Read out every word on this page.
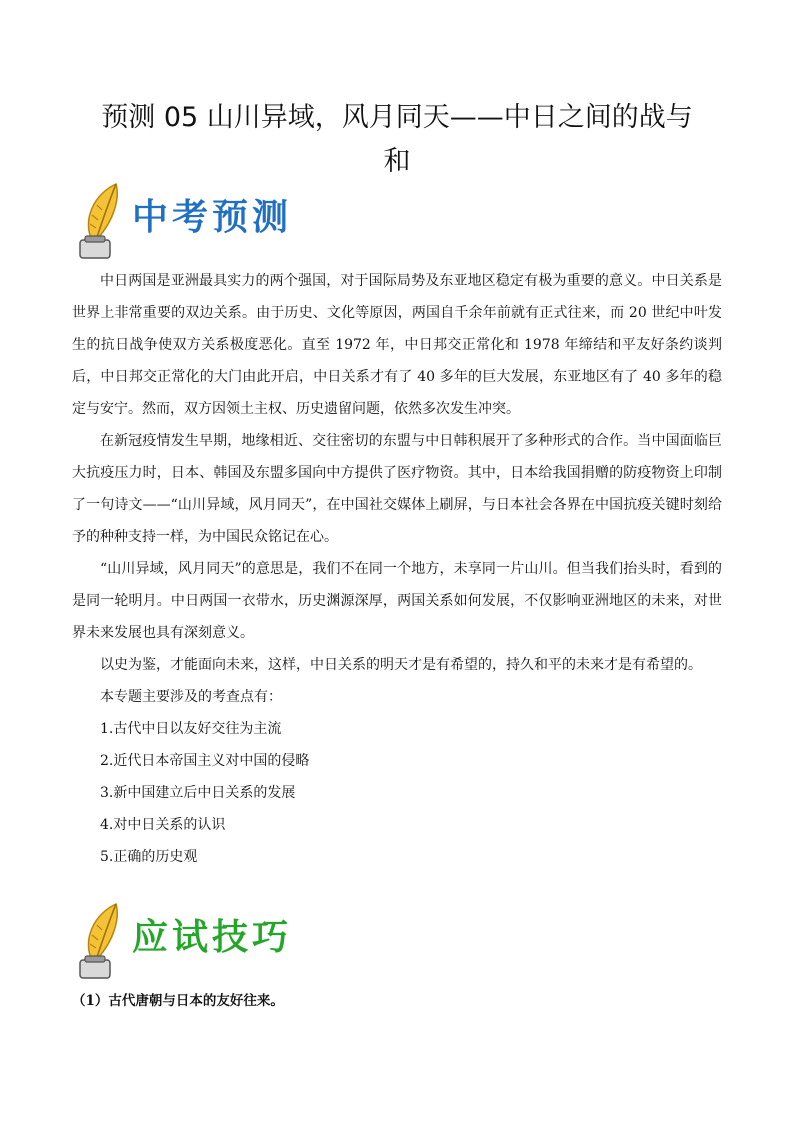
预测 05 山川异域，风月同天——中日之间的战与
和
中考预测

中日两国是亚洲最具实力的两个强国，对于国际局势及东亚地区稳定有极为重要的意义。中日关系是世界上非常重要的双边关系。由于历史、文化等原因，两国自千余年前就有正式往来，而 20 世纪中叶发生的抗日战争使双方关系极度恶化。直至 1972 年，中日邦交正常化和 1978 年缔结和平友好条约谈判后，中日邦交正常化的大门由此开启，中日关系才有了 40 多年的巨大发展，东亚地区有了 40 多年的稳定与安宁。然而，双方因领土主权、历史遗留问题，依然多次发生冲突。

在新冠疫情发生早期，地缘相近、交往密切的东盟与中日韩积展开了多种形式的合作。当中国面临巨大抗疫压力时，日本、韩国及东盟多国向中方提供了医疗物资。其中，日本给我国捐赠的防疫物资上印制了一句诗文——“山川异域，风月同天”，在中国社交媒体上刷屏，与日本社会各界在中国抗疫关键时刻给予的种种支持一样，为中国民众铭记在心。

“山川异域，风月同天”的意思是，我们不在同一个地方，未享同一片山川。但当我们抬头时，看到的是同一轮明月。中日两国一衣带水，历史渊源深厚，两国关系如何发展，不仅影响亚洲地区的未来，对世界未来发展也具有深刻意义。

以史为鉴，才能面向未来，这样，中日关系的明天才是有希望的，持久和平的未来才是有希望的。

本专题主要涉及的考查点有：

1.古代中日以友好交往为主流

2.近代日本帝国主义对中国的侵略

3.新中国建立后中日关系的发展

4.对中日关系的认识

5.正确的历史观

应试技巧
（1）古代唐朝与日本的友好往来。
